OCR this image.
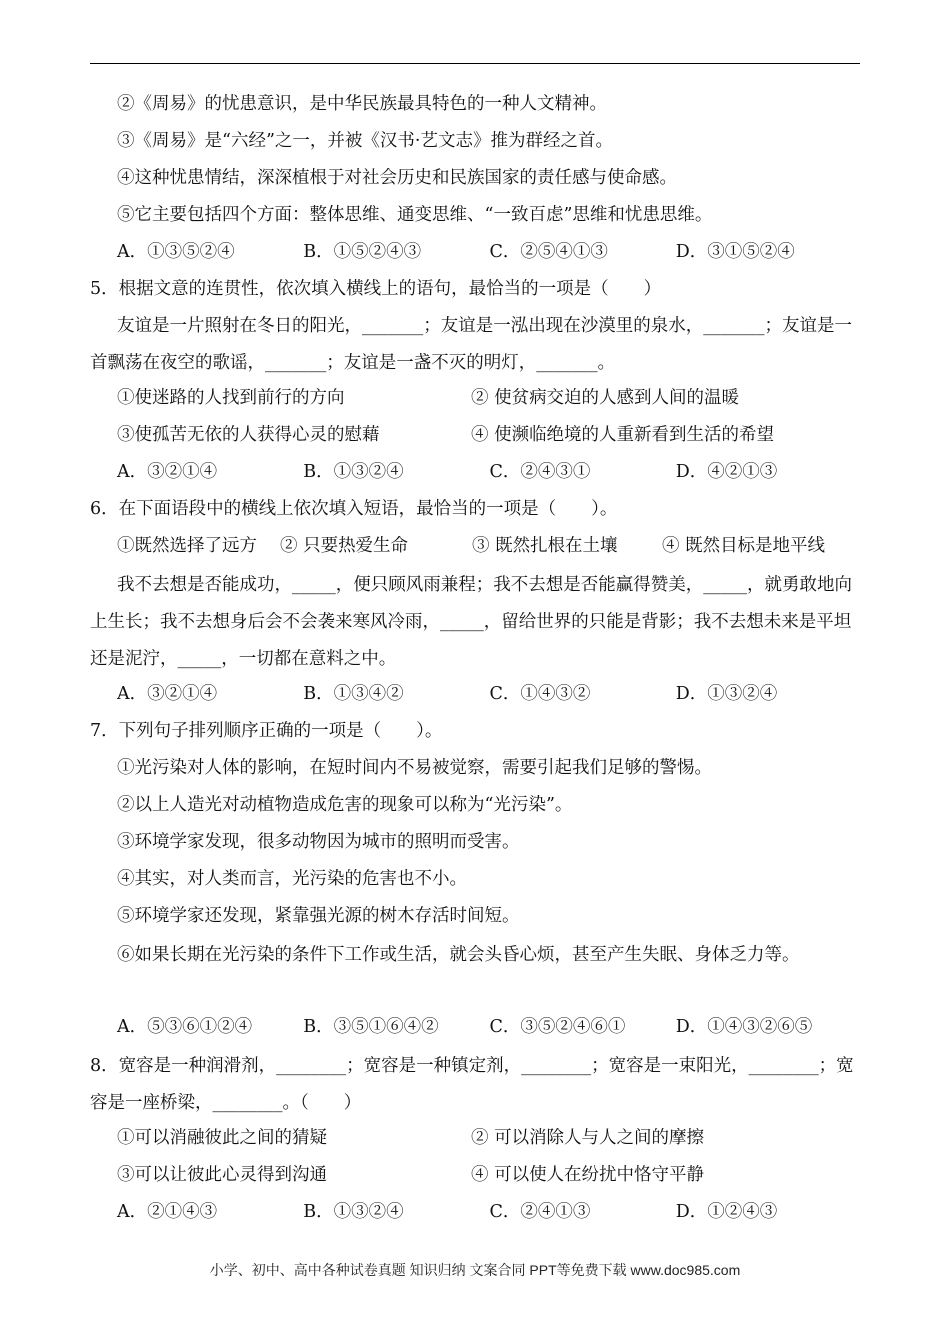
②《周易》的忧患意识，是中华民族最具特色的一种人文精神。
③《周易》是“六经”之一，并被《汉书·艺文志》推为群经之首。
④这种忧患情结，深深植根于对社会历史和民族国家的责任感与使命感。
⑤它主要包括四个方面：整体思维、通变思维、“一致百虑”思维和忧患思维。
A．①③⑤②④	B．①⑤②④③	C．②⑤④①③	D．③①⑤②④
5．根据文意的连贯性，依次填入横线上的语句，最恰当的一项是（　　）
友谊是一片照射在冬日的阳光，_______；友谊是一泓出现在沙漠里的泉水，_______；友谊是一首飘荡在夜空的歌谣，_______；友谊是一盏不灭的明灯，_______。
①使迷路的人找到前行的方向	② 使贫病交迫的人感到人间的温暖
③使孤苦无依的人获得心灵的慰藉	④ 使濒临绝境的人重新看到生活的希望
A．③②①④	B．①③②④	C．②④③①	D．④②①③
6．在下面语段中的横线上依次填入短语，最恰当的一项是（　　）。
①既然选择了远方	② 只要热爱生命	③ 既然扎根在土壤	④ 既然目标是地平线
我不去想是否能成功，_____，便只顾风雨兼程；我不去想是否能赢得赞美，_____，就勇敢地向上生长；我不去想身后会不会袭来寒风冷雨，_____，留给世界的只能是背影；我不去想未来是平坦还是泥泞，_____，一切都在意料之中。
A．③②①④	B．①③④②	C．①④③②	D．①③②④
7．下列句子排列顺序正确的一项是（　　）。
①光污染对人体的影响，在短时间内不易被觉察，需要引起我们足够的警惕。
②以上人造光对动植物造成危害的现象可以称为“光污染”。
③环境学家发现，很多动物因为城市的照明而受害。
④其实，对人类而言，光污染的危害也不小。
⑤环境学家还发现，紧靠强光源的树木存活时间短。
⑥如果长期在光污染的条件下工作或生活，就会头昏心烦，甚至产生失眠、身体乏力等。
A．⑤③⑥①②④	B．③⑤①⑥④②	C．③⑤②④⑥①	D．①④③②⑥⑤
8．宽容是一种润滑剂，________；宽容是一种镇定剂，________；宽容是一束阳光，________；宽容是一座桥梁，________。（　　）
①可以消融彼此之间的猜疑	② 可以消除人与人之间的摩擦
③可以让彼此心灵得到沟通	④ 可以使人在纷扰中恪守平静
A．②①④③	B．①③②④	C．②④①③	D．①②④③
小学、初中、高中各种试卷真题 知识归纳 文案合同 PPT等免费下载 www.doc985.com
